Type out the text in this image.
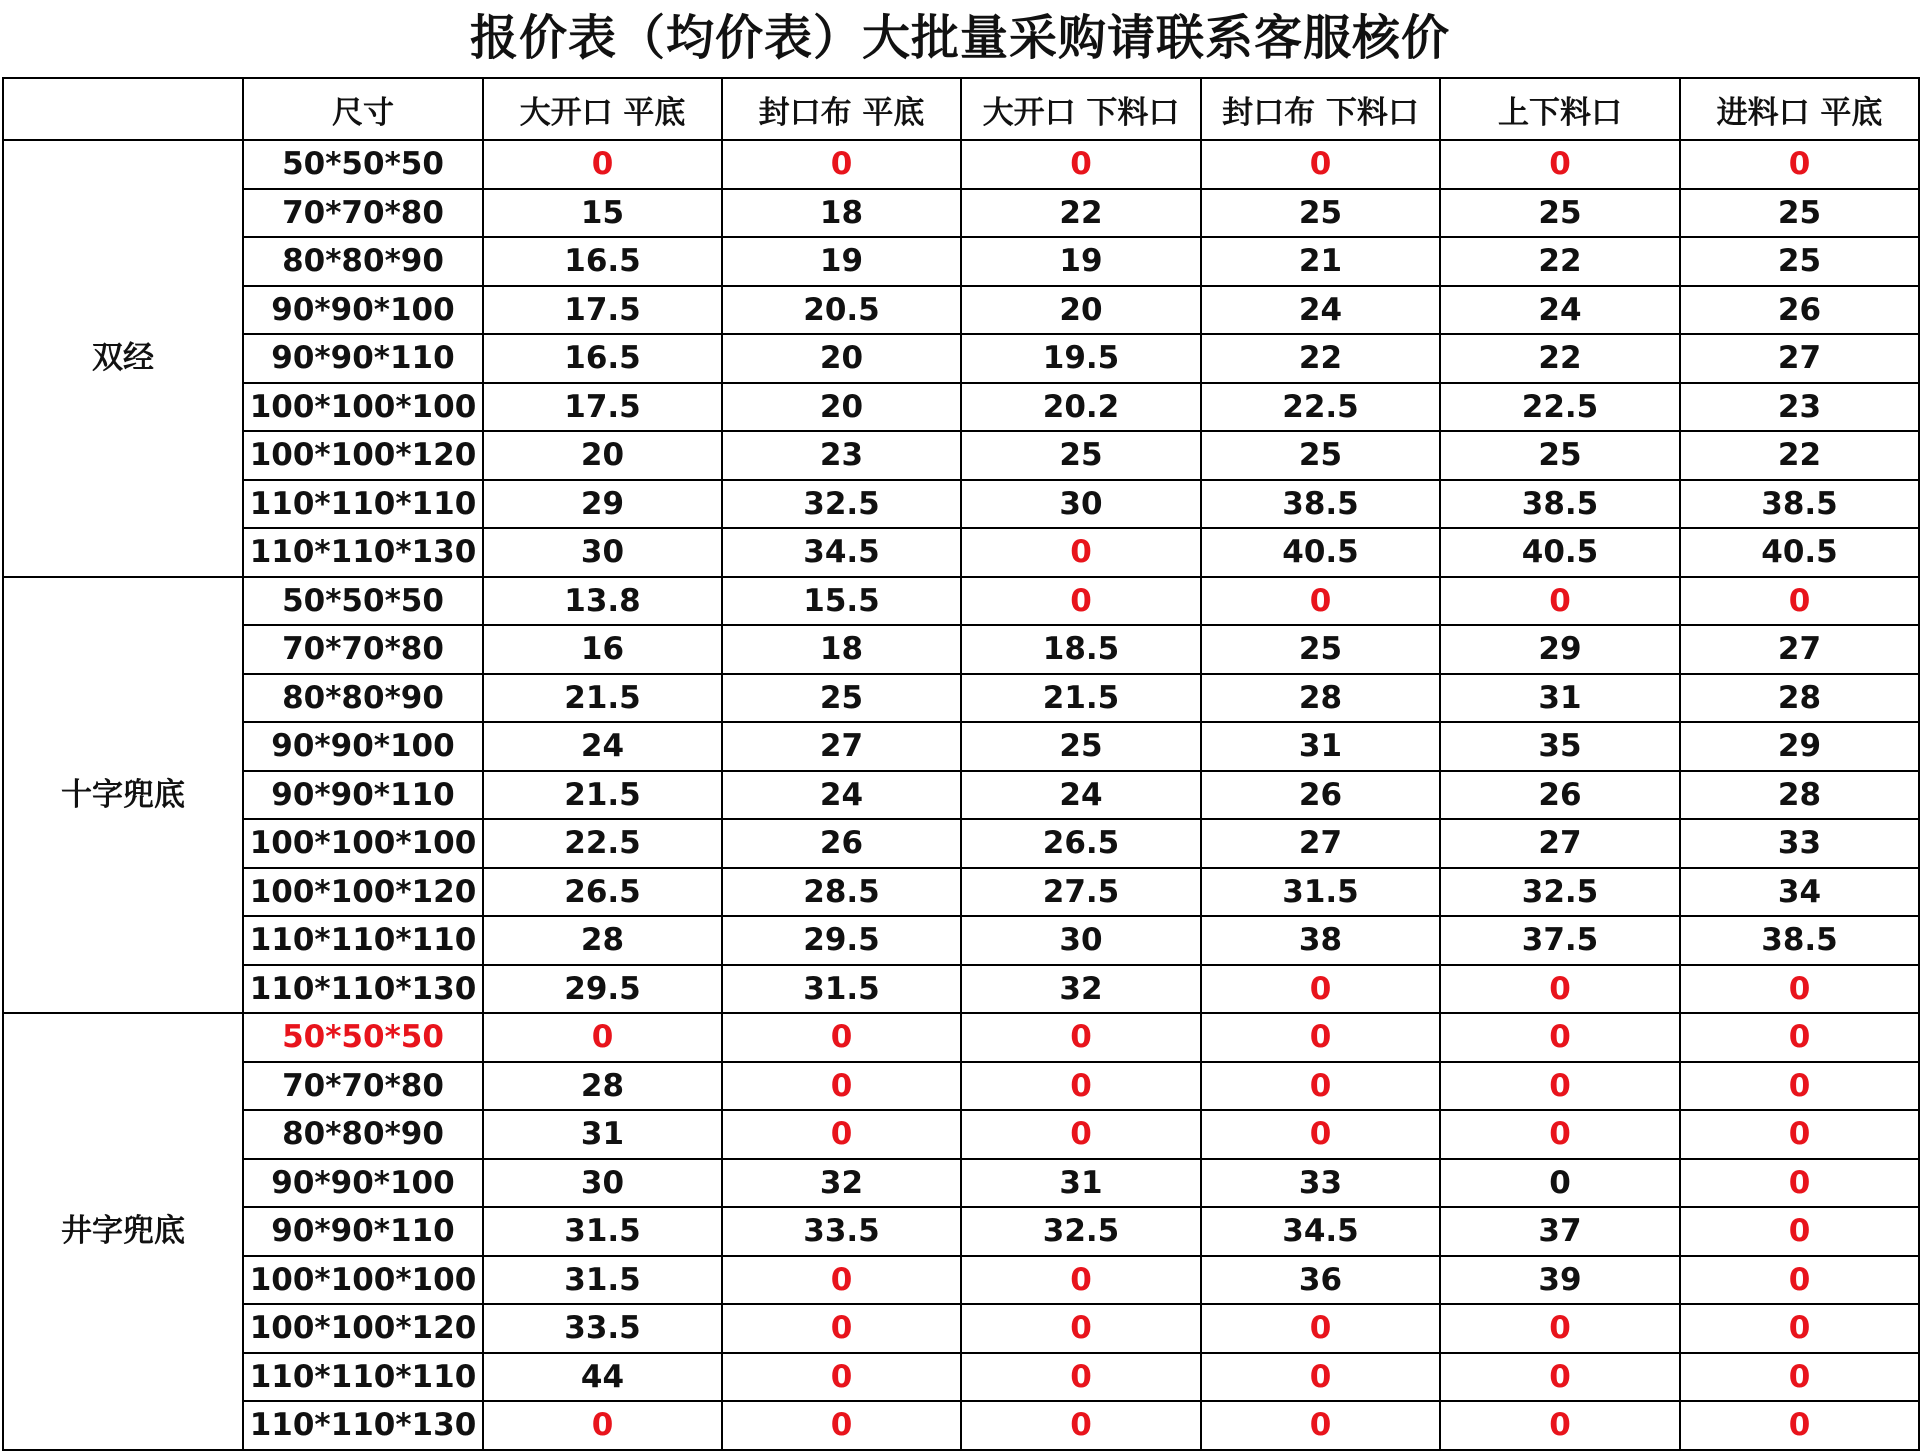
报价表（均价表）大批量采购请联系客服核价
	尺寸	大开口 平底	封口布 平底	大开口 下料口	封口布 下料口	上下料口	进料口 平底
双经	50*50*50	0	0	0	0	0	0
	70*70*80	15	18	22	25	25	25
	80*80*90	16.5	19	19	21	22	25
	90*90*100	17.5	20.5	20	24	24	26
	90*90*110	16.5	20	19.5	22	22	27
	100*100*100	17.5	20	20.2	22.5	22.5	23
	100*100*120	20	23	25	25	25	22
	110*110*110	29	32.5	30	38.5	38.5	38.5
	110*110*130	30	34.5	0	40.5	40.5	40.5
十字兜底	50*50*50	13.8	15.5	0	0	0	0
	70*70*80	16	18	18.5	25	29	27
	80*80*90	21.5	25	21.5	28	31	28
	90*90*100	24	27	25	31	35	29
	90*90*110	21.5	24	24	26	26	28
	100*100*100	22.5	26	26.5	27	27	33
	100*100*120	26.5	28.5	27.5	31.5	32.5	34
	110*110*110	28	29.5	30	38	37.5	38.5
	110*110*130	29.5	31.5	32	0	0	0
井字兜底	50*50*50	0	0	0	0	0	0
	70*70*80	28	0	0	0	0	0
	80*80*90	31	0	0	0	0	0
	90*90*100	30	32	31	33	0	0
	90*90*110	31.5	33.5	32.5	34.5	37	0
	100*100*100	31.5	0	0	36	39	0
	100*100*120	33.5	0	0	0	0	0
	110*110*110	44	0	0	0	0	0
	110*110*130	0	0	0	0	0	0
